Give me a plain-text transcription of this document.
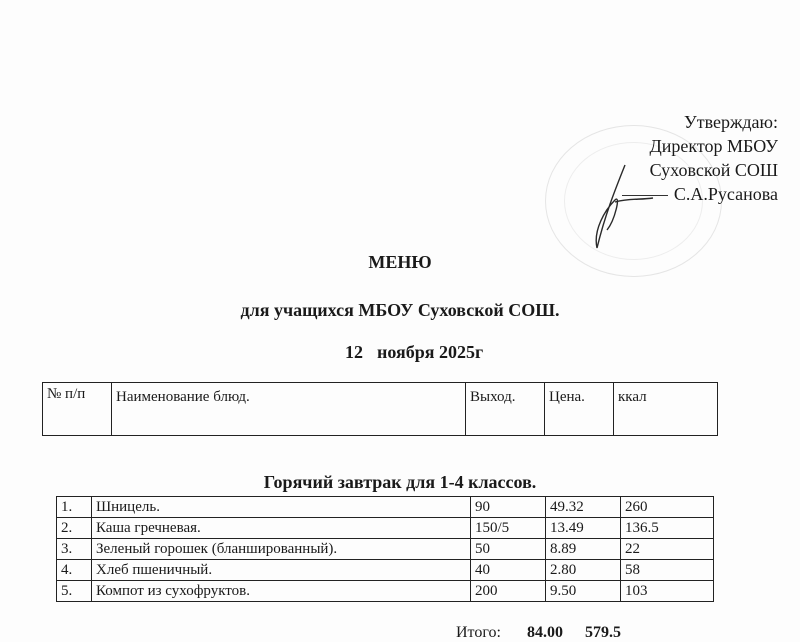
Утверждаю:
Директор МБОУ
Суховской СОШ
С.А.Русанова
МЕНЮ
для учащихся МБОУ Суховской СОШ.
12 ноября 2025г
№ п/п	Наименование блюд.	Выход.	Цена.	ккал
Горячий завтрак для 1-4 классов.
1.	Шницель.	90	49.32	260
2.	Каша гречневая.	150/5	13.49	136.5
3.	Зеленый горошек (бланшированный).	50	8.89	22
4.	Хлеб пшеничный.	40	2.80	58
5.	Компот из сухофруктов.	200	9.50	103
Итого: 84.00 579.5
